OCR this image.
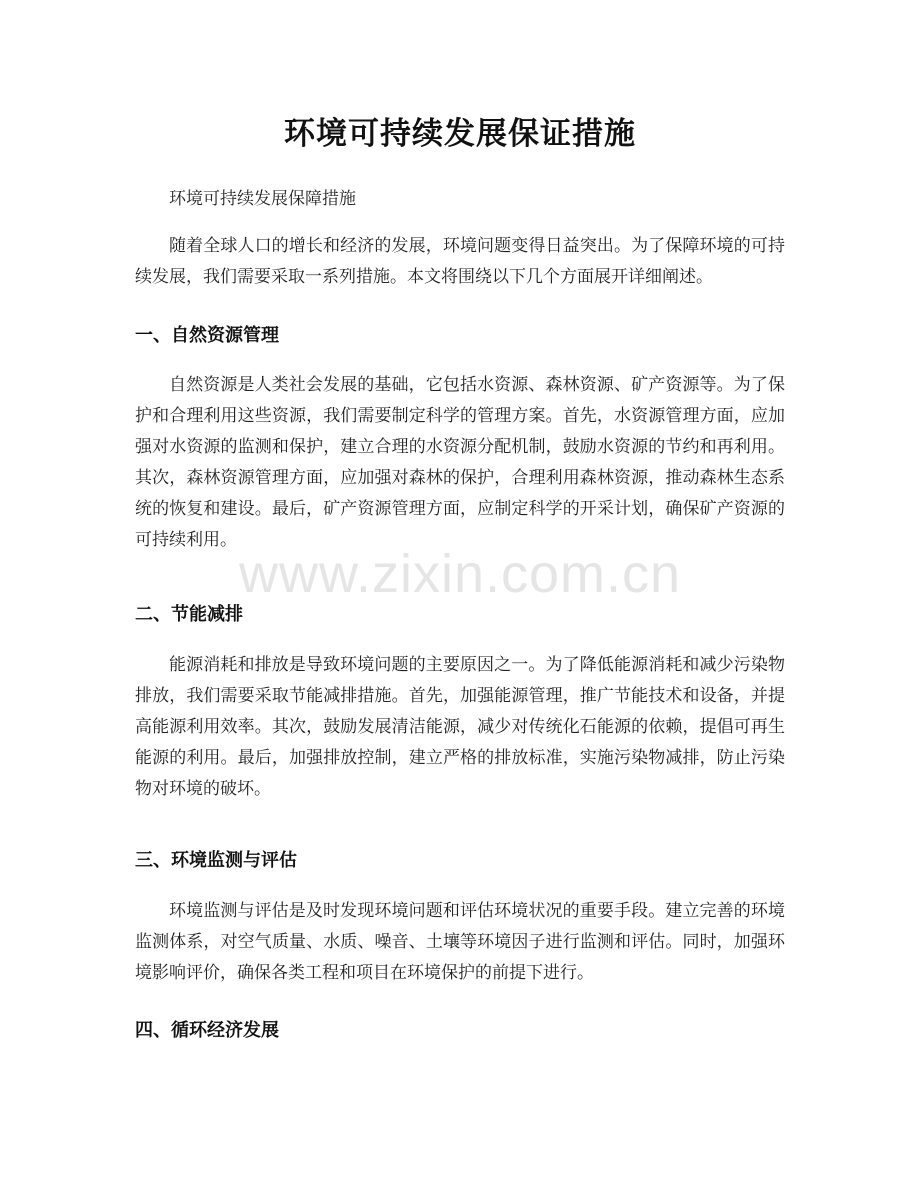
环境可持续发展保证措施

环境可持续发展保障措施

随着全球人口的增长和经济的发展，环境问题变得日益突出。为了保障环境的可持续发展，我们需要采取一系列措施。本文将围绕以下几个方面展开详细阐述。

一、自然资源管理

自然资源是人类社会发展的基础，它包括水资源、森林资源、矿产资源等。为了保护和合理利用这些资源，我们需要制定科学的管理方案。首先，水资源管理方面，应加强对水资源的监测和保护，建立合理的水资源分配机制，鼓励水资源的节约和再利用。其次，森林资源管理方面，应加强对森林的保护，合理利用森林资源，推动森林生态系统的恢复和建设。最后，矿产资源管理方面，应制定科学的开采计划，确保矿产资源的可持续利用。

二、节能减排

能源消耗和排放是导致环境问题的主要原因之一。为了降低能源消耗和减少污染物排放，我们需要采取节能减排措施。首先，加强能源管理，推广节能技术和设备，并提高能源利用效率。其次，鼓励发展清洁能源，减少对传统化石能源的依赖，提倡可再生能源的利用。最后，加强排放控制，建立严格的排放标准，实施污染物减排，防止污染物对环境的破坏。

三、环境监测与评估

环境监测与评估是及时发现环境问题和评估环境状况的重要手段。建立完善的环境监测体系，对空气质量、水质、噪音、土壤等环境因子进行监测和评估。同时，加强环境影响评价，确保各类工程和项目在环境保护的前提下进行。

四、循环经济发展
www.zixin.com.cn
